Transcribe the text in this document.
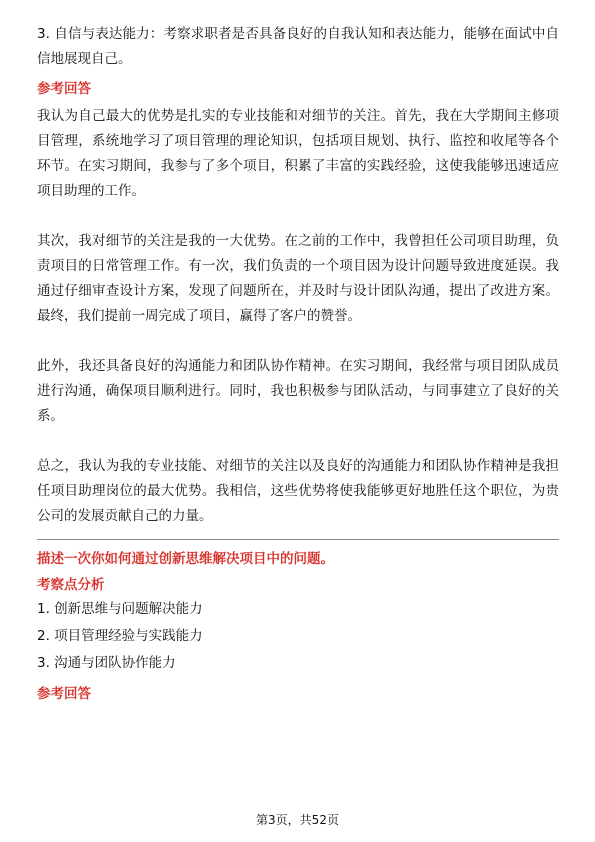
3. 自信与表达能力：考察求职者是否具备良好的自我认知和表达能力，能够在面试中自信地展现自己。

参考回答

我认为自己最大的优势是扎实的专业技能和对细节的关注。首先，我在大学期间主修项目管理，系统地学习了项目管理的理论知识，包括项目规划、执行、监控和收尾等各个环节。在实习期间，我参与了多个项目，积累了丰富的实践经验，这使我能够迅速适应项目助理的工作。

其次，我对细节的关注是我的一大优势。在之前的工作中，我曾担任公司项目助理，负责项目的日常管理工作。有一次，我们负责的一个项目因为设计问题导致进度延误。我通过仔细审查设计方案，发现了问题所在，并及时与设计团队沟通，提出了改进方案。最终，我们提前一周完成了项目，赢得了客户的赞誉。

此外，我还具备良好的沟通能力和团队协作精神。在实习期间，我经常与项目团队成员进行沟通，确保项目顺利进行。同时，我也积极参与团队活动，与同事建立了良好的关系。

总之，我认为我的专业技能、对细节的关注以及良好的沟通能力和团队协作精神是我担任项目助理岗位的最大优势。我相信，这些优势将使我能够更好地胜任这个职位，为贵公司的发展贡献自己的力量。

描述一次你如何通过创新思维解决项目中的问题。
考察点分析
1. 创新思维与问题解决能力
2. 项目管理经验与实践能力
3. 沟通与团队协作能力
参考回答
第3页，共52页
